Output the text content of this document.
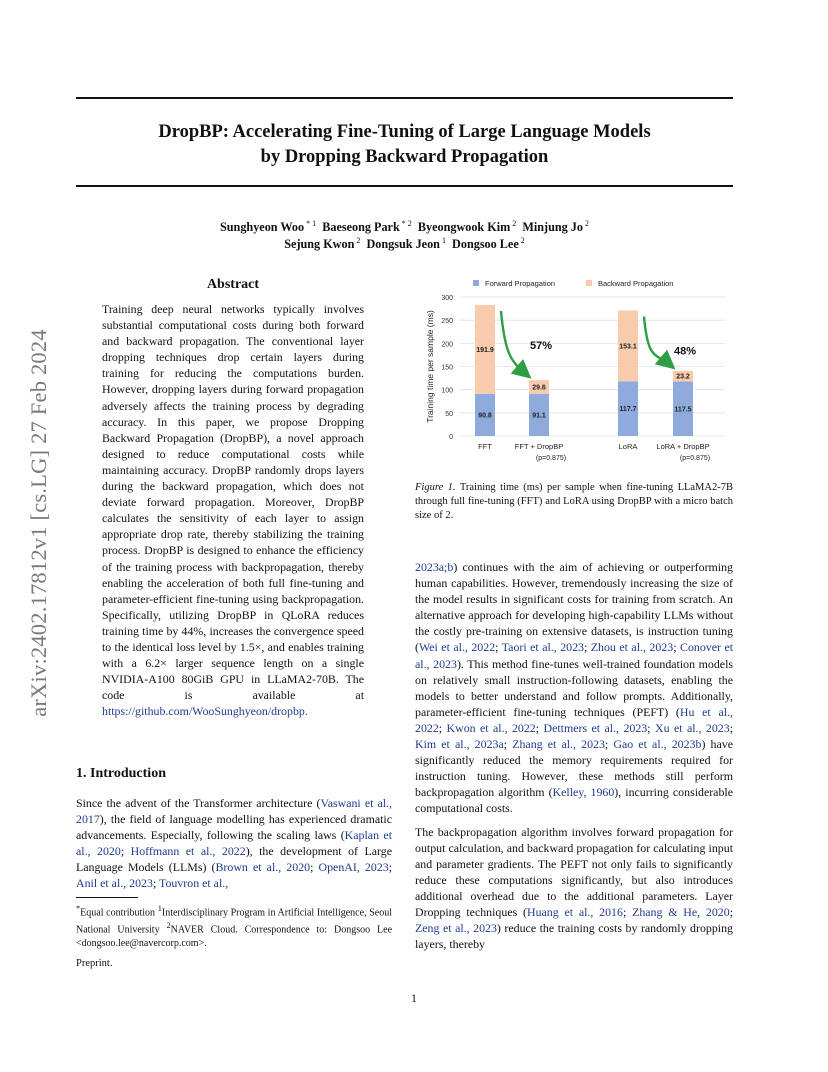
DropBP: Accelerating Fine-Tuning of Large Language Models
by Dropping Backward Propagation
Sunghyeon Woo $^{* 1}$ Baeseong Park $^{* 2}$ Byeongwook Kim $^2$ Minjung Jo $^2$
Sejung Kwon $^2$ Dongsuk Jeon $^1$ Dongsoo Lee $^2$
arXiv:2402.17812v1 [cs.LG] 27 Feb 2024
Abstract
Training deep neural networks typically involves substantial computational costs during both forward and backward propagation. The conventional layer dropping techniques drop certain layers during training for reducing the computations burden. However, dropping layers during forward propagation adversely affects the training process by degrading accuracy. In this paper, we propose Dropping Backward Propagation (DropBP), a novel approach designed to reduce computational costs while maintaining accuracy. DropBP randomly drops layers during the backward propagation, which does not deviate forward propagation. Moreover, DropBP calculates the sensitivity of each layer to assign appropriate drop rate, thereby stabilizing the training process. DropBP is designed to enhance the efficiency of the training process with backpropagation, thereby enabling the acceleration of both full fine-tuning and parameter-efficient fine-tuning using backpropagation. Specifically, utilizing DropBP in QLoRA reduces training time by 44%, increases the convergence speed to the identical loss level by 1.5×, and enables training with a 6.2× larger sequence length on a single NVIDIA-A100 80GiB GPU in LLaMA2-70B. The code is available at https://github.com/WooSunghyeon/dropbp.
1. Introduction
Since the advent of the Transformer architecture (Vaswani et al., 2017), the field of language modelling has experienced dramatic advancements. Especially, following the scaling laws (Kaplan et al., 2020; Hoffmann et al., 2022), the development of Large Language Models (LLMs) (Brown et al., 2020; OpenAI, 2023; Anil et al., 2023; Touvron et al.,
*Equal contribution $^1$Interdisciplinary Program in Artificial Intelligence, Seoul National University $^2$NAVER Cloud. Correspondence to: Dongsoo Lee <dongsoo.lee@navercorp.com>.
Preprint.
0
50
100
150
200
250
300
Training time per sample (ms)	90.8
191.9
FFT
91.1
29.6
FFT + DropBP
(p=0.875)
117.7
153.1
LoRA
117.5
23.2
LoRA + DropBP
(p=0.875)
Forward Propagation	Backward Propagation
57%	48%
Figure 1. Training time (ms) per sample when fine-tuning LLaMA2-7B through full fine-tuning (FFT) and LoRA using DropBP with a micro batch size of 2.

2023a;b) continues with the aim of achieving or outperforming human capabilities. However, tremendously increasing the size of the model results in significant costs for training from scratch. An alternative approach for developing high-capability LLMs without the costly pre-training on extensive datasets, is instruction tuning (Wei et al., 2022; Taori et al., 2023; Zhou et al., 2023; Conover et al., 2023). This method fine-tunes well-trained foundation models on relatively small instruction-following datasets, enabling the models to better understand and follow prompts. Additionally, parameter-efficient fine-tuning techniques (PEFT) (Hu et al., 2022; Kwon et al., 2022; Dettmers et al., 2023; Xu et al., 2023; Kim et al., 2023a; Zhang et al., 2023; Gao et al., 2023b) have significantly reduced the memory requirements required for instruction tuning. However, these methods still perform backpropagation algorithm (Kelley, 1960), incurring considerable computational costs.

The backpropagation algorithm involves forward propagation for output calculation, and backward propagation for calculating input and parameter gradients. The PEFT not only fails to significantly reduce these computations significantly, but also introduces additional overhead due to the additional parameters. Layer Dropping techniques (Huang et al., 2016; Zhang & He, 2020; Zeng et al., 2023) reduce the training costs by randomly dropping layers, thereby

1
